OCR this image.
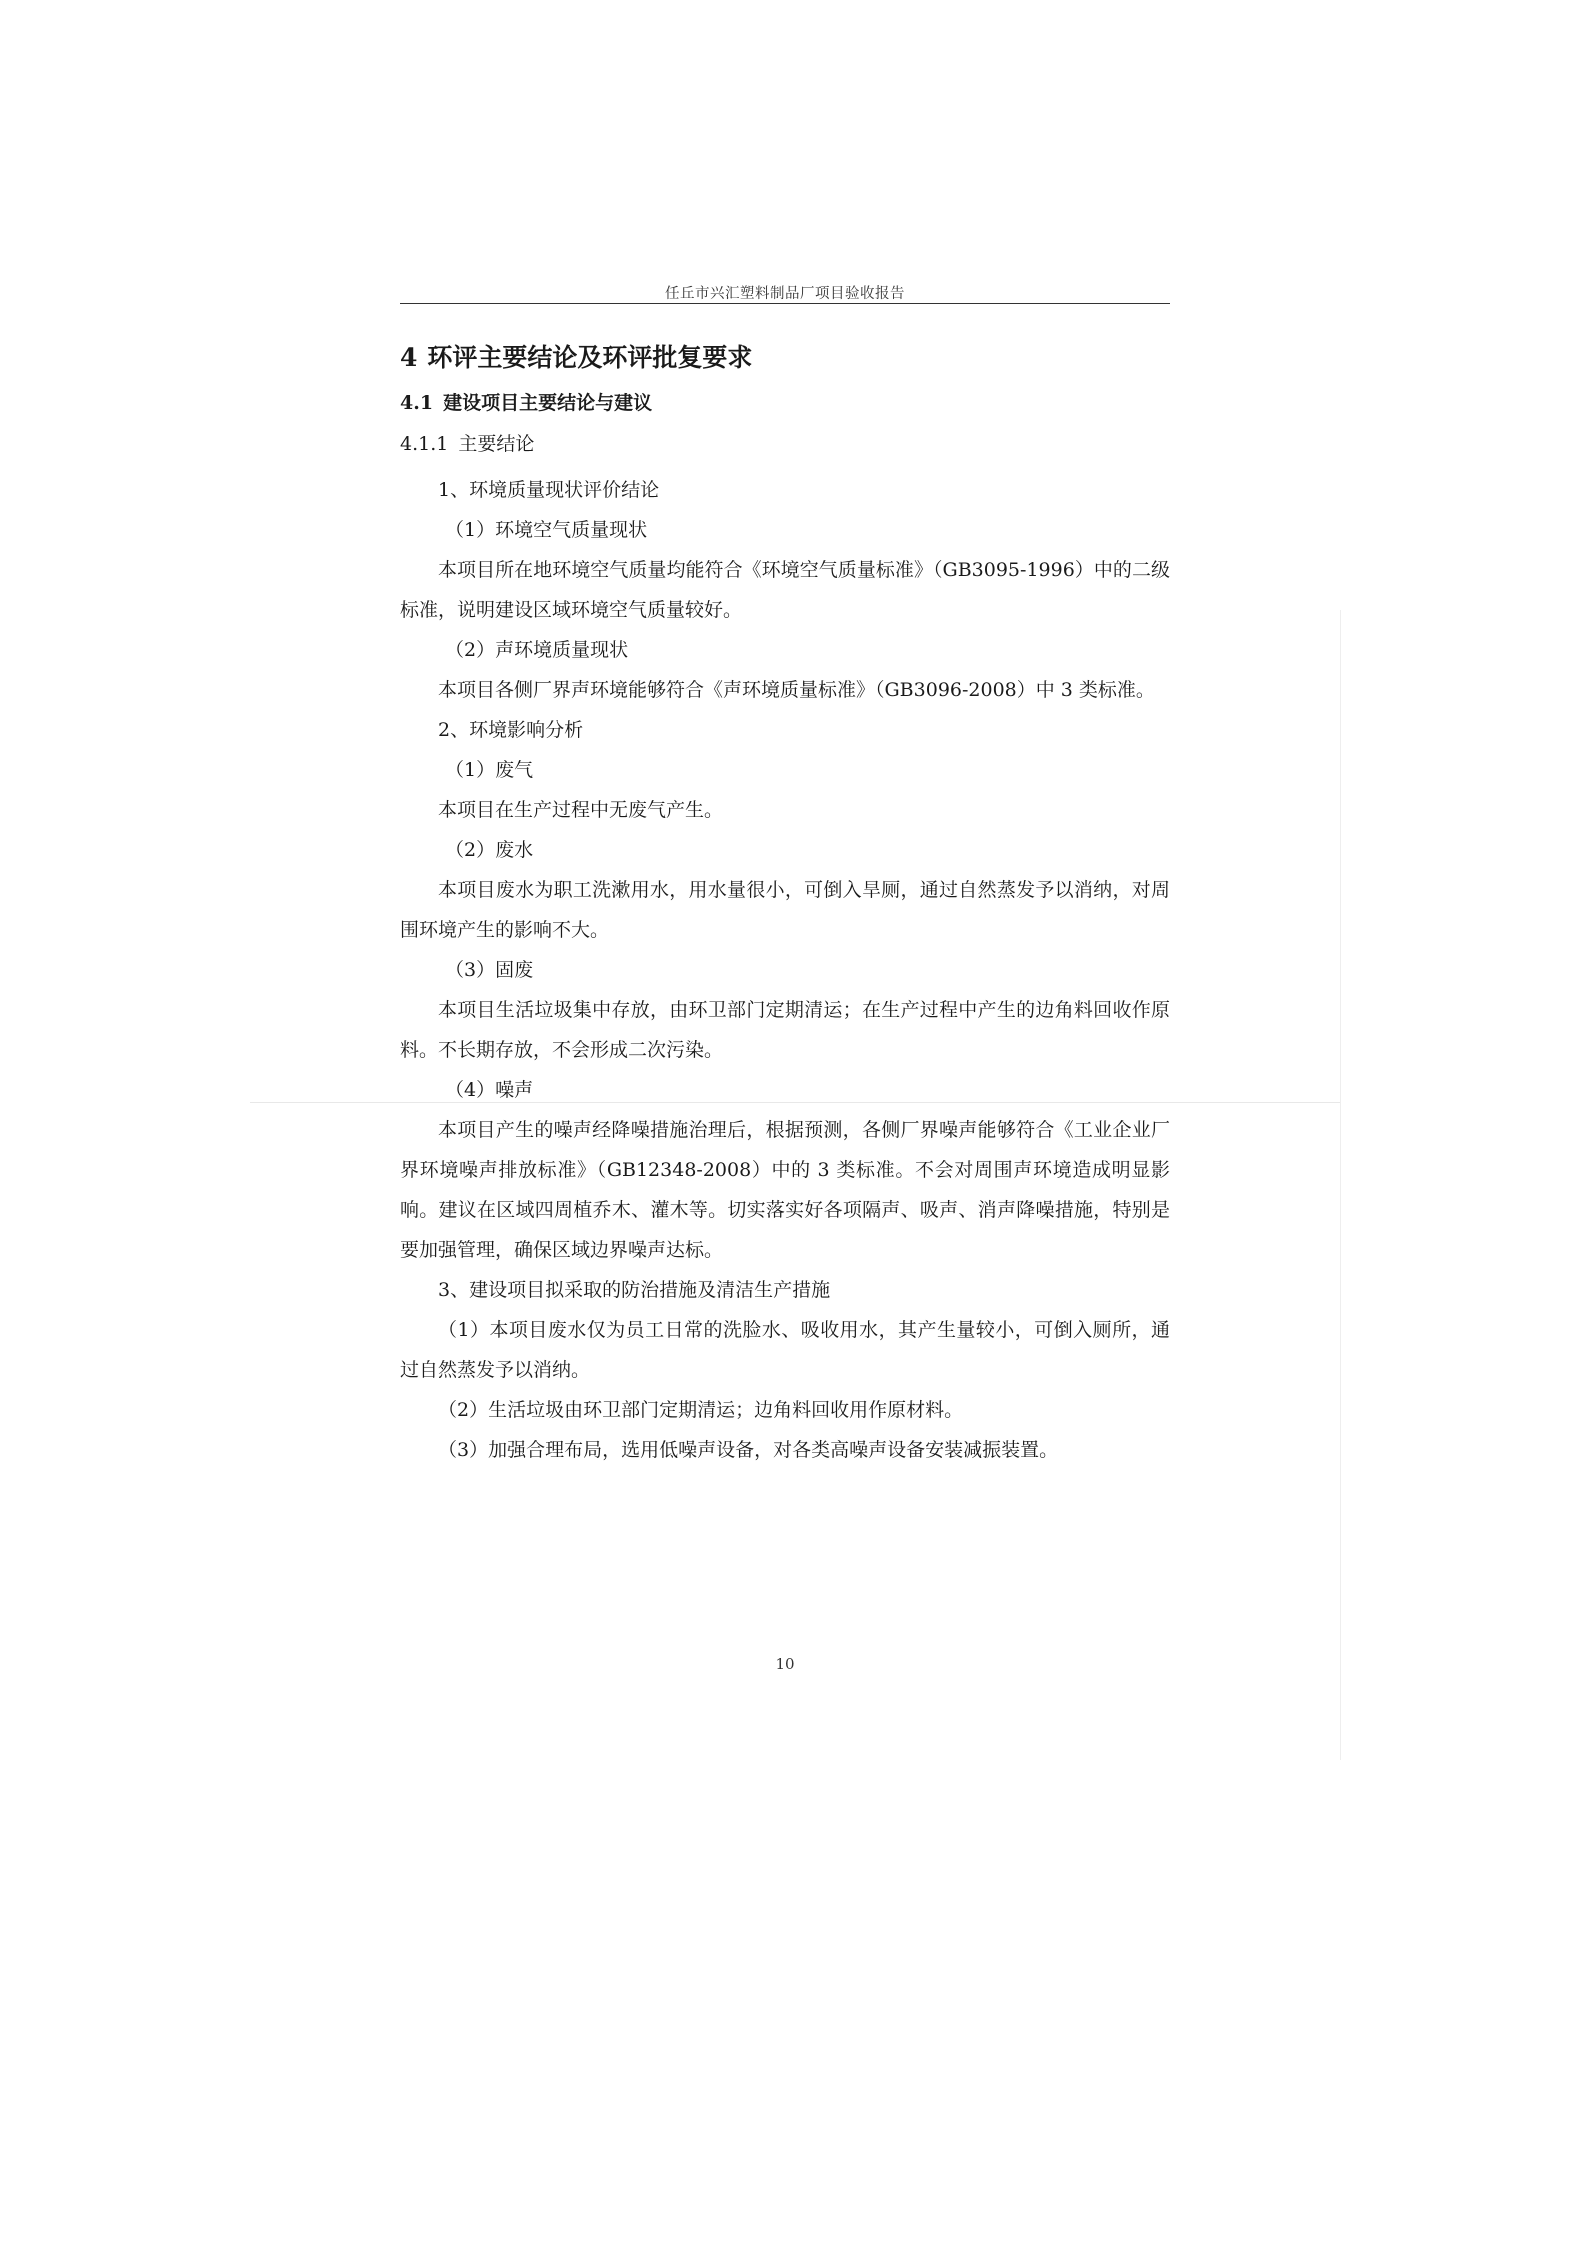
任丘市兴汇塑料制品厂项目验收报告
4 环评主要结论及环评批复要求
4.1 建设项目主要结论与建议
4.1.1 主要结论

1、环境质量现状评价结论

（1）环境空气质量现状

本项目所在地环境空气质量均能符合《环境空气质量标准》（GB3095-1996）中的二级标准，说明建设区域环境空气质量较好。

（2）声环境质量现状

本项目各侧厂界声环境能够符合《声环境质量标准》（GB3096-2008）中 3 类标准。

2、环境影响分析

（1）废气

本项目在生产过程中无废气产生。

（2）废水

本项目废水为职工洗漱用水，用水量很小，可倒入旱厕，通过自然蒸发予以消纳，对周围环境产生的影响不大。

（3）固废

本项目生活垃圾集中存放，由环卫部门定期清运；在生产过程中产生的边角料回收作原料。不长期存放，不会形成二次污染。

（4）噪声

本项目产生的噪声经降噪措施治理后，根据预测，各侧厂界噪声能够符合《工业企业厂界环境噪声排放标准》（GB12348-2008）中的 3 类标准。不会对周围声环境造成明显影响。建议在区域四周植乔木、灌木等。切实落实好各项隔声、吸声、消声降噪措施，特别是要加强管理，确保区域边界噪声达标。

3、建设项目拟采取的防治措施及清洁生产措施

（1）本项目废水仅为员工日常的洗脸水、吸收用水，其产生量较小，可倒入厕所，通过自然蒸发予以消纳。

（2）生活垃圾由环卫部门定期清运；边角料回收用作原材料。

（3）加强合理布局，选用低噪声设备，对各类高噪声设备安装减振装置。

10
